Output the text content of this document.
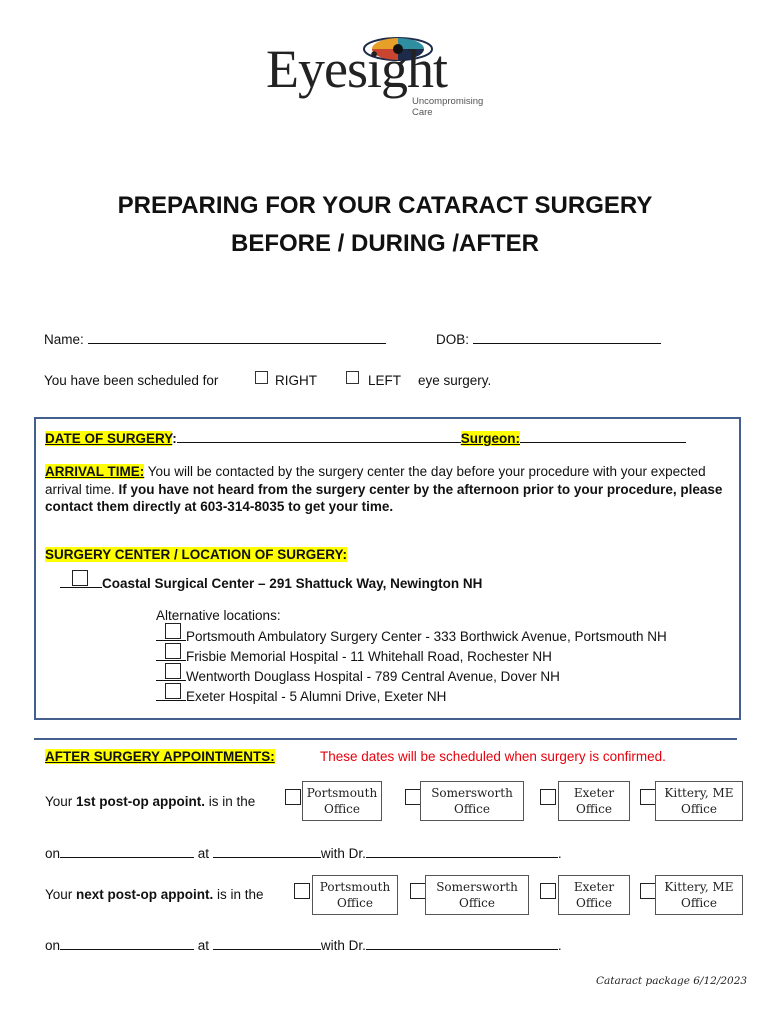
Eyesight
Uncompromising Care
PREPARING FOR YOUR CATARACT SURGERY
BEFORE / DURING /AFTER
Name:	DOB:
You have been scheduled for	RIGHT	LEFT eye surgery.
DATE OF SURGERY:	Surgeon:
ARRIVAL TIME: You will be contacted by the surgery center the day before your procedure with your expected arrival time. If you have not heard from the surgery center by the afternoon prior to your procedure, please contact them directly at 603-314-8035 to get your time.
SURGERY CENTER / LOCATION OF SURGERY:
Coastal Surgical Center – 291 Shattuck Way, Newington NH
Alternative locations:
Portsmouth Ambulatory Surgery Center - 333 Borthwick Avenue, Portsmouth NH
Frisbie Memorial Hospital - 11 Whitehall Road, Rochester NH
Wentworth Douglass Hospital - 789 Central Avenue, Dover NH
Exeter Hospital - 5 Alumni Drive, Exeter NH
AFTER SURGERY APPOINTMENTS:	These dates will be scheduled when surgery is confirmed.
Your 1st post-op appoint. is in the
Portsmouth
Office
Somersworth
Office
Exeter
Office
Kittery, ME
Office
on	at	with Dr.	.
Your next post-op appoint. is in the	Portsmouth
Office
Somersworth
Office
Exeter
Office
Kittery, ME
Office
on	at	with Dr.	.
Cataract package 6/12/2023
